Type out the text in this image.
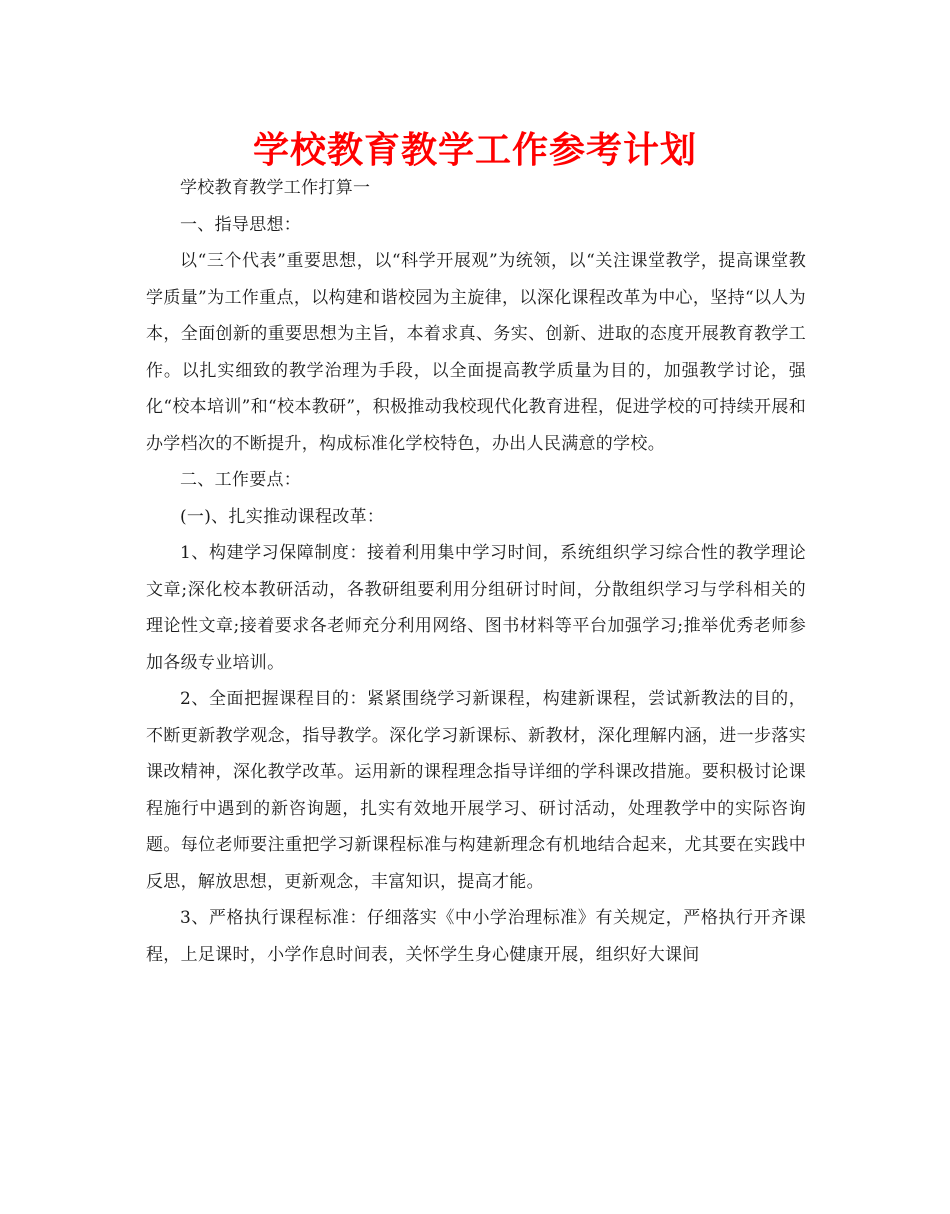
学校教育教学工作参考计划

学校教育教学工作打算一

一、指导思想：

以“三个代表”重要思想，以“科学开展观”为统领，以“关注课堂教学，提高课堂教学质量”为工作重点，以构建和谐校园为主旋律，以深化课程改革为中心，坚持“以人为本，全面创新的重要思想为主旨，本着求真、务实、创新、进取的态度开展教育教学工作。以扎实细致的教学治理为手段，以全面提高教学质量为目的，加强教学讨论，强化“校本培训”和“校本教研”，积极推动我校现代化教育进程，促进学校的可持续开展和办学档次的不断提升，构成标准化学校特色，办出人民满意的学校。

二、工作要点：

(一)、扎实推动课程改革：

1、构建学习保障制度：接着利用集中学习时间，系统组织学习综合性的教学理论文章;深化校本教研活动，各教研组要利用分组研讨时间，分散组织学习与学科相关的理论性文章;接着要求各老师充分利用网络、图书材料等平台加强学习;推举优秀老师参加各级专业培训。

2、全面把握课程目的：紧紧围绕学习新课程，构建新课程，尝试新教法的目的，不断更新教学观念，指导教学。深化学习新课标、新教材，深化理解内涵，进一步落实课改精神，深化教学改革。运用新的课程理念指导详细的学科课改措施。要积极讨论课程施行中遇到的新咨询题，扎实有效地开展学习、研讨活动，处理教学中的实际咨询题。每位老师要注重把学习新课程标准与构建新理念有机地结合起来，尤其要在实践中反思，解放思想，更新观念，丰富知识，提高才能。

3、严格执行课程标准：仔细落实《中小学治理标准》有关规定，严格执行开齐课程，上足课时，小学作息时间表，关怀学生身心健康开展，组织好大课间
